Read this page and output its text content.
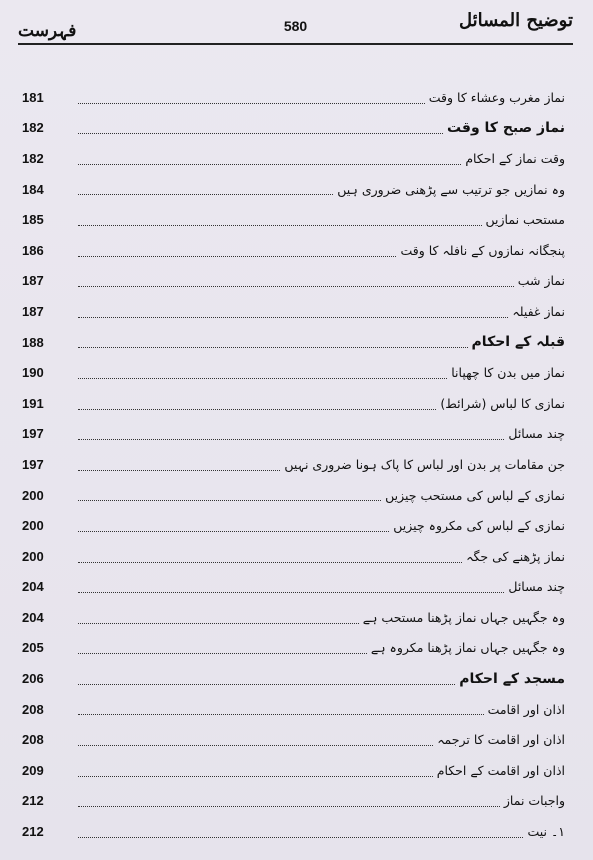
فہرست	580	توضیح المسائل
181	نماز مغرب وعشاء کا وقت
182	نماز صبح کا وقت
182	وقت نماز کے احکام
184	وہ نمازیں جو ترتیب سے پڑھنی ضروری ہیں
185	مستحب نمازیں
186	پنجگانہ نمازوں کے نافلہ کا وقت
187	نماز شب
187	نماز غفیلہ
188	قبلہ کے احکام
190	نماز میں بدن کا چھپانا
191	نمازی کا لباس (شرائط)
197	چند مسائل
197	جن مقامات پر بدن اور لباس کا پاک ہونا ضروری نہیں
200	نمازی کے لباس کی مستحب چیزیں
200	نمازی کے لباس کی مکروہ چیزیں
200	نماز پڑھنے کی جگہ
204	چند مسائل
204	وہ جگہیں جہاں نماز پڑھنا مستحب ہے
205	وہ جگہیں جہاں نماز پڑھنا مکروہ ہے
206	مسجد کے احکام
208	اذان اور اقامت
208	اذان اور اقامت کا ترجمہ
209	اذان اور اقامت کے احکام
212	واجبات نماز
212	١۔ نیت
